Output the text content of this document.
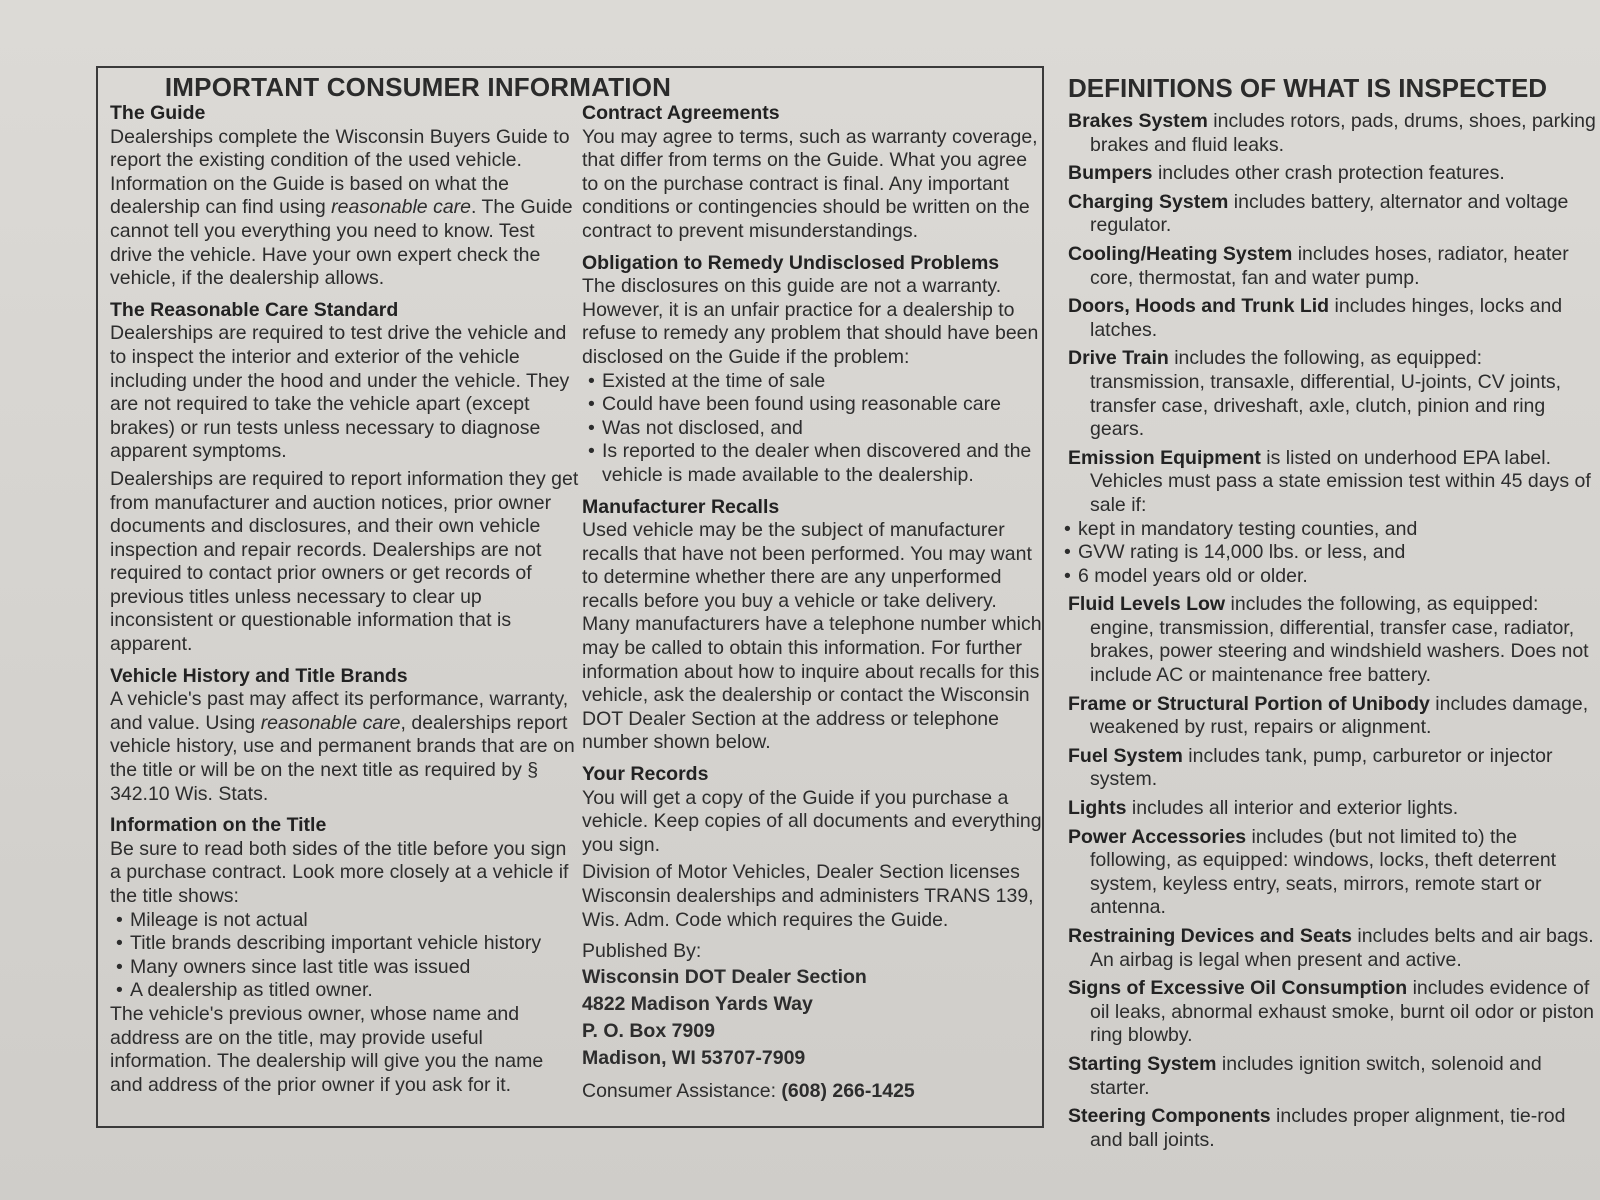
IMPORTANT CONSUMER INFORMATION
The Guide

Dealerships complete the Wisconsin Buyers Guide to report the existing condition of the used vehicle. Information on the Guide is based on what the dealership can find using reasonable care. The Guide cannot tell you everything you need to know. Test drive the vehicle. Have your own expert check the vehicle, if the dealership allows.

The Reasonable Care Standard

Dealerships are required to test drive the vehicle and to inspect the interior and exterior of the vehicle including under the hood and under the vehicle. They are not required to take the vehicle apart (except brakes) or run tests unless necessary to diagnose apparent symptoms.

Dealerships are required to report information they get from manufacturer and auction notices, prior owner documents and disclosures, and their own vehicle inspection and repair records. Dealerships are not required to contact prior owners or get records of previous titles unless necessary to clear up inconsistent or questionable information that is apparent.

Vehicle History and Title Brands

A vehicle's past may affect its performance, warranty, and value. Using reasonable care, dealerships report vehicle history, use and permanent brands that are on the title or will be on the next title as required by § 342.10 Wis. Stats.

Information on the Title

Be sure to read both sides of the title before you sign a purchase contract. Look more closely at a vehicle if the title shows:

• Mileage is not actual
• Title brands describing important vehicle history
• Many owners since last title was issued
• A dealership as titled owner.

The vehicle's previous owner, whose name and address are on the title, may provide useful information. The dealership will give you the name and address of the prior owner if you ask for it.

Contract Agreements

You may agree to terms, such as warranty coverage, that differ from terms on the Guide. What you agree to on the purchase contract is final. Any important conditions or contingencies should be written on the contract to prevent misunderstandings.

Obligation to Remedy Undisclosed Problems

The disclosures on this guide are not a warranty. However, it is an unfair practice for a dealership to refuse to remedy any problem that should have been disclosed on the Guide if the problem:

• Existed at the time of sale
• Could have been found using reasonable care
• Was not disclosed, and
• Is reported to the dealer when discovered and the vehicle is made available to the dealership.
Manufacturer Recalls

Used vehicle may be the subject of manufacturer recalls that have not been performed. You may want to determine whether there are any unperformed recalls before you buy a vehicle or take delivery. Many manufacturers have a telephone number which may be called to obtain this information. For further information about how to inquire about recalls for this vehicle, ask the dealership or contact the Wisconsin DOT Dealer Section at the address or telephone number shown below.

Your Records

You will get a copy of the Guide if you purchase a vehicle. Keep copies of all documents and everything you sign.

Division of Motor Vehicles, Dealer Section licenses Wisconsin dealerships and administers TRANS 139, Wis. Adm. Code which requires the Guide.

Published By:
Wisconsin DOT Dealer Section
4822 Madison Yards Way
P. O. Box 7909
Madison, WI 53707-7909
Consumer Assistance: (608) 266-1425
DEFINITIONS OF WHAT IS INSPECTED

Brakes System includes rotors, pads, drums, shoes, parking brakes and fluid leaks.

Bumpers includes other crash protection features.

Charging System includes battery, alternator and voltage regulator.

Cooling/Heating System includes hoses, radiator, heater core, thermostat, fan and water pump.

Doors, Hoods and Trunk Lid includes hinges, locks and latches.

Drive Train includes the following, as equipped: transmission, transaxle, differential, U-joints, CV joints, transfer case, driveshaft, axle, clutch, pinion and ring gears.

Emission Equipment is listed on underhood EPA label. Vehicles must pass a state emission test within 45 days of sale if:
• kept in mandatory testing counties, and
• GVW rating is 14,000 lbs. or less, and
• 6 model years old or older.

Fluid Levels Low includes the following, as equipped: engine, transmission, differential, transfer case, radiator, brakes, power steering and windshield washers. Does not include AC or maintenance free battery.

Frame or Structural Portion of Unibody includes damage, weakened by rust, repairs or alignment.

Fuel System includes tank, pump, carburetor or injector system.

Lights includes all interior and exterior lights.

Power Accessories includes (but not limited to) the following, as equipped: windows, locks, theft deterrent system, keyless entry, seats, mirrors, remote start or antenna.

Restraining Devices and Seats includes belts and air bags. An airbag is legal when present and active.

Signs of Excessive Oil Consumption includes evidence of oil leaks, abnormal exhaust smoke, burnt oil odor or piston ring blowby.

Starting System includes ignition switch, solenoid and starter.

Steering Components includes proper alignment, tie-rod and ball joints.
